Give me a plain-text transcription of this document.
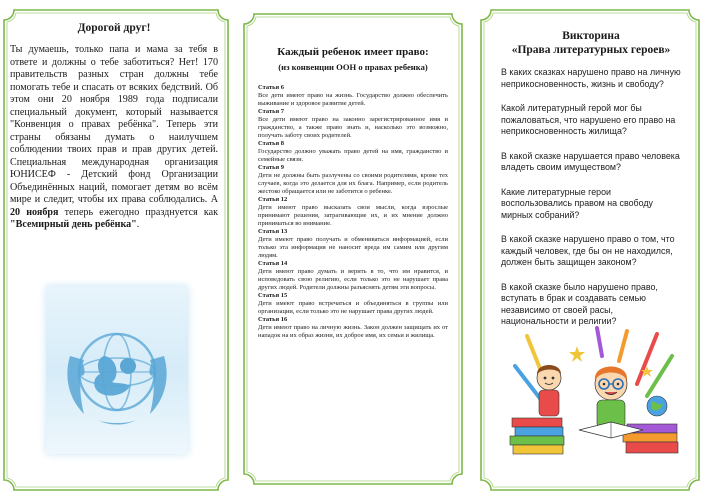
Дорогой друг!
Ты думаешь, только папа и мама за тебя в ответе и должны о тебе заботиться? Нет! 170 правительств разных стран должны тебе помогать тебе и спасать от всяких бедствий. Об этом они 20 ноября 1989 года подписали специальный документ, который называется "Конвенция о правах ребёнка". Теперь эти страны обязаны думать о наилучшем соблюдении твоих прав и прав других детей. Специальная международная организация ЮНИСЕФ - Детский фонд Организации Объединённых наций, помогает детям во всём мире и следит, чтобы их права соблюдались. А 20 ноября теперь ежегодно празднуется как "Всемирный день ребёнка".
Каждый ребенок имеет право:
(из конвенции ООН о правах ребенка)
Статья 6
Все дети имеют право на жизнь. Государство должно обеспечить выживание и здоровое развитие детей.
Статья 7
Все дети имеют право на законно зарегистрированное имя и гражданство, а также право знать и, насколько это возможно, получать заботу своих родителей.
Статья 8
Государство должно уважать право детей на имя, гражданство и семейные связи.
Статья 9
Дети не должны быть разлучены со своими родителями, кроме тех случаев, когда это делается для их блага. Например, если родитель жестоко обращается или не заботится о ребенке.
Статья 12
Дети имеют право высказать свои мысли, когда взрослые принимают решения, затрагивающие их, и их мнение должно приниматься во внимание.
Статья 13
Дети имеют право получать и обмениваться информацией, если только эта информация не наносит вреда им самим или другим людям.
Статья 14
Дети имеют право думать и верить в то, что им нравится, и исповедовать свою религию, если только это не нарушает права других людей. Родители должны разъяснять детям эти вопросы.
Статья 15
Дети имеют право встречаться и объединяться в группы или организации, если только это не нарушает права других людей.
Статья 16
Дети имеют право на личную жизнь. Закон должен защищать их от нападок на их образ жизни, их доброе имя, их семьи и жилища.
Викторина
«Права литературных героев»

В каких сказках нарушено право на личную неприкосновенность, жизнь и свободу?

Какой литературный герой мог бы пожаловаться, что нарушено его право на неприкосновенность жилища?

В какой сказке нарушается право человека владеть своим имуществом?

Какие литературные герои воспользовались правом на свободу мирных собраний?

В какой сказке нарушено право о том, что каждый человек, где бы он не находился, должен быть защищен законом?

В какой сказке было нарушено право, вступать в брак и создавать семью независимо от своей расы, национальности и религии?
